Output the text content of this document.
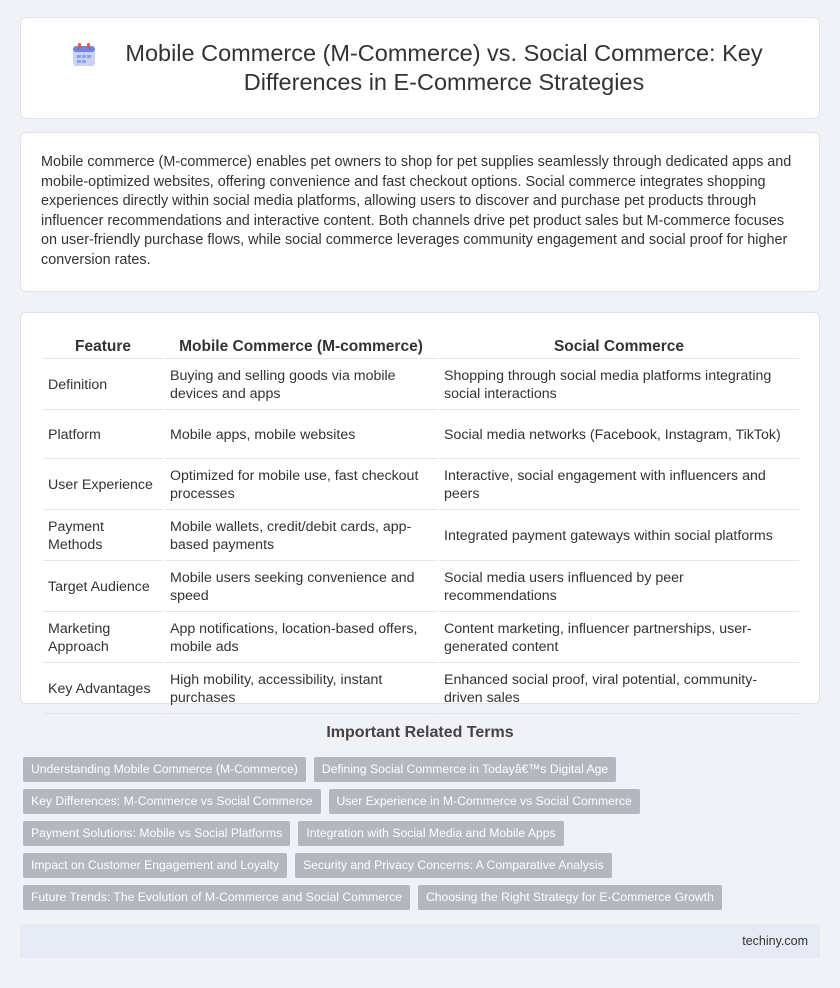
Mobile Commerce (M-Commerce) vs. Social Commerce: Key Differences in E-Commerce Strategies

Mobile commerce (M-commerce) enables pet owners to shop for pet supplies seamlessly through dedicated apps and mobile-optimized websites, offering convenience and fast checkout options. Social commerce integrates shopping experiences directly within social media platforms, allowing users to discover and purchase pet products through influencer recommendations and interactive content. Both channels drive pet product sales but M-commerce focuses on user-friendly purchase flows, while social commerce leverages community engagement and social proof for higher conversion rates.

Feature	Mobile Commerce (M-commerce)	Social Commerce
Definition	Buying and selling goods via mobile devices and apps	Shopping through social media platforms integrating social interactions
Platform	Mobile apps, mobile websites	Social media networks (Facebook, Instagram, TikTok)
User Experience	Optimized for mobile use, fast checkout processes	Interactive, social engagement with influencers and peers
Payment Methods	Mobile wallets, credit/debit cards, app-based payments	Integrated payment gateways within social platforms
Target Audience	Mobile users seeking convenience and speed	Social media users influenced by peer recommendations
Marketing Approach	App notifications, location-based offers, mobile ads	Content marketing, influencer partnerships, user-generated content
Key Advantages	High mobility, accessibility, instant purchases	Enhanced social proof, viral potential, community-driven sales
Important Related Terms
Understanding Mobile Commerce (M-Commerce)	Defining Social Commerce in Todayâ€™s Digital Age
Key Differences: M-Commerce vs Social Commerce	User Experience in M-Commerce vs Social Commerce
Payment Solutions: Mobile vs Social Platforms	Integration with Social Media and Mobile Apps
Impact on Customer Engagement and Loyalty	Security and Privacy Concerns: A Comparative Analysis
Future Trends: The Evolution of M-Commerce and Social Commerce	Choosing the Right Strategy for E-Commerce Growth
techiny.com
